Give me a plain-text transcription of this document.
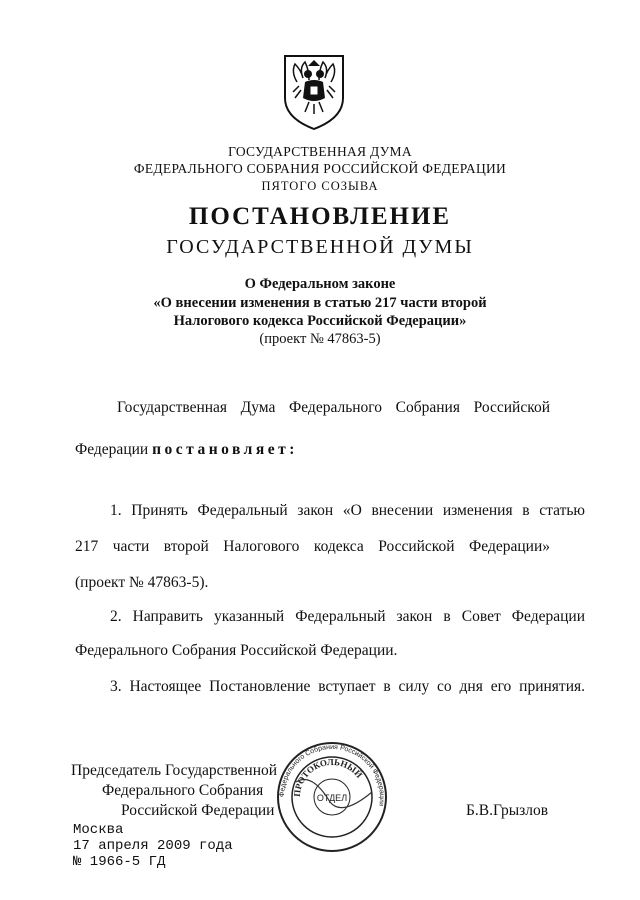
ГОСУДАРСТВЕННАЯ ДУМА
ФЕДЕРАЛЬНОГО СОБРАНИЯ РОССИЙСКОЙ ФЕДЕРАЦИИ
ПЯТОГО СОЗЫВА
ПОСТАНОВЛЕНИЕ
ГОСУДАРСТВЕННОЙ ДУМЫ
О Федеральном законе
«О внесении изменения в статью 217 части второй
Налогового кодекса Российской Федерации»
(проект № 47863-5)
Государственная Дума Федерального Собрания Российской
Федерации постановляет:
1. Принять Федеральный закон «О внесении изменения в статью
217 части второй Налогового кодекса Российской Федерации»
(проект № 47863-5).
2. Направить указанный Федеральный закон в Совет Федерации
Федерального Собрания Российской Федерации.
3. Настоящее Постановление вступает в силу со дня его принятия.
Председатель Государственной
Федерального Собрания
Российской Федерации	Б.В.Грызлов
Федерального Собрания Российской Федерации
ПРОТОКОЛЬНЫЙ
ОТДЕЛ
Москва
17 апреля 2009 года
№ 1966-5 ГД
